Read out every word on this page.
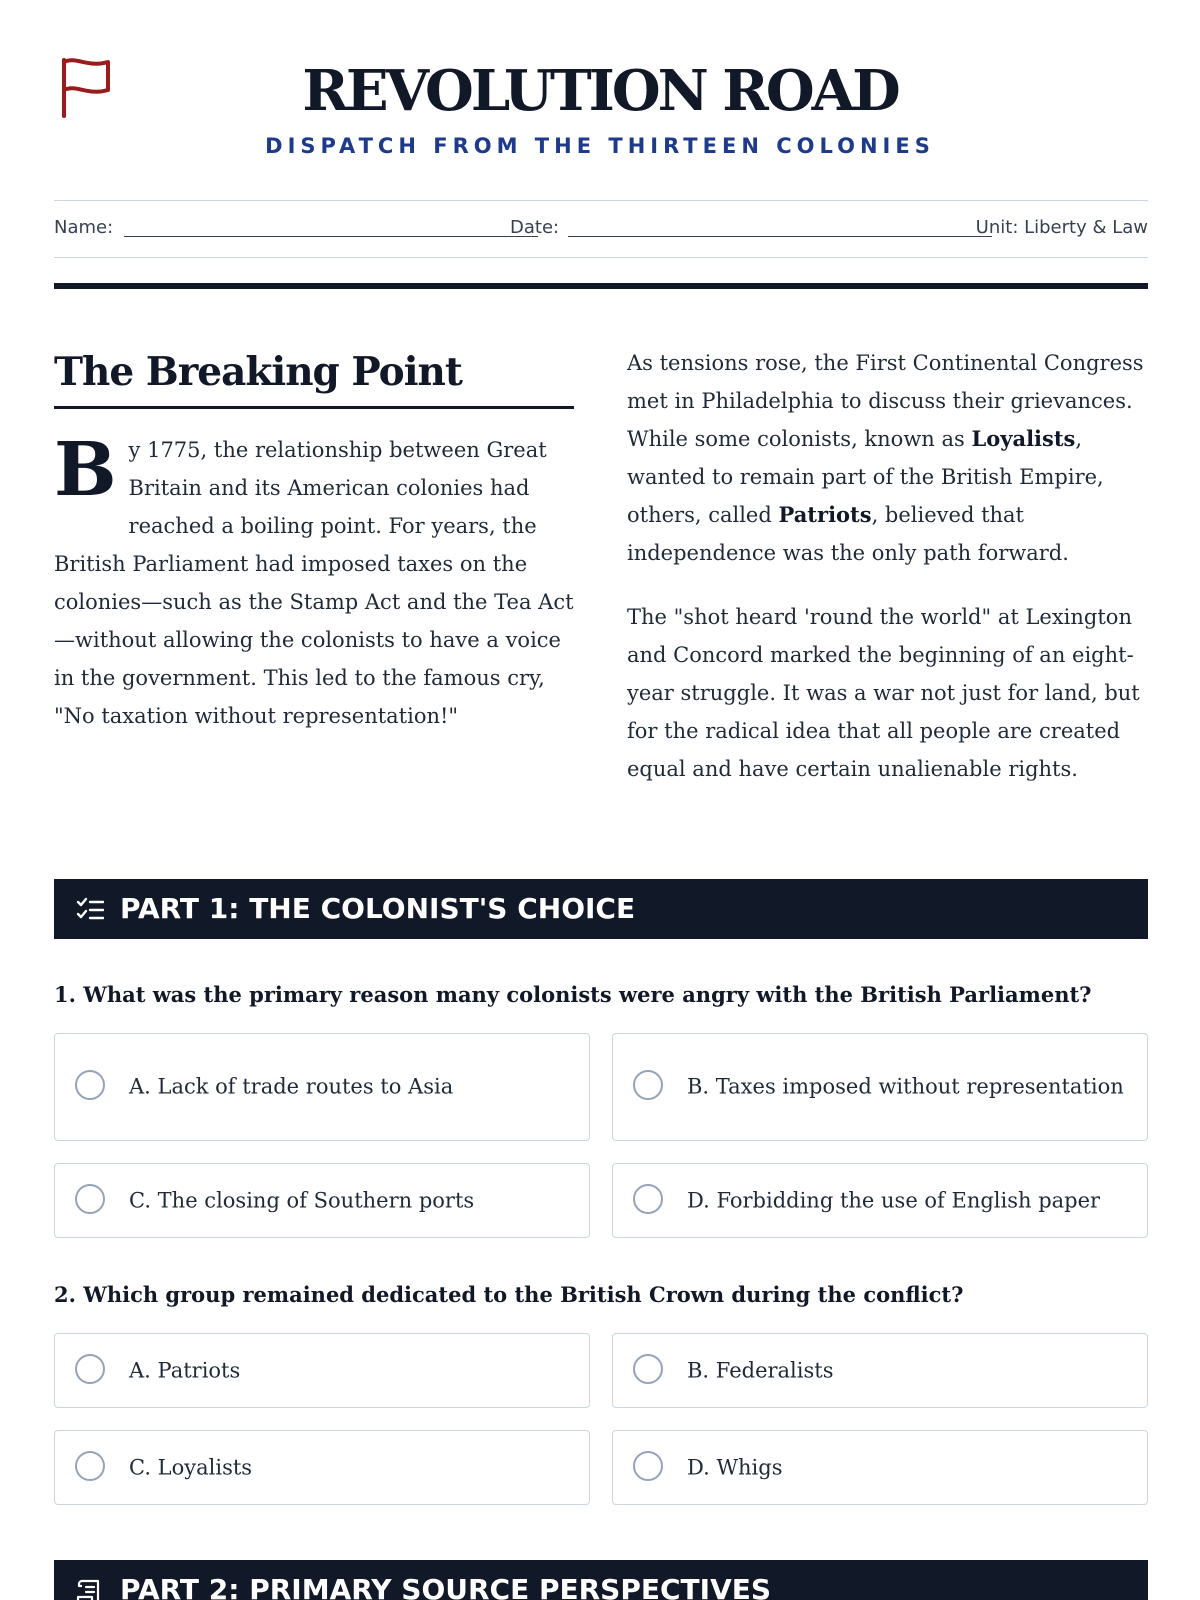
REVOLUTION ROAD
DISPATCH FROM THE THIRTEEN COLONIES
Name:	Date:	Unit: Liberty & Law
The Breaking Point

By 1775, the relationship between Great Britain and its American colonies had reached a boiling point. For years, the British Parliament had imposed taxes on the colonies—such as the Stamp Act and the Tea Act—without allowing the colonists to have a voice in the government. This led to the famous cry, "No taxation without representation!"

As tensions rose, the First Continental Congress met in Philadelphia to discuss their grievances. While some colonists, known as Loyalists, wanted to remain part of the British Empire, others, called Patriots, believed that independence was the only path forward.

The "shot heard 'round the world" at Lexington and Concord marked the beginning of an eight-year struggle. It was a war not just for land, but for the radical idea that all people are created equal and have certain unalienable rights.

PART 1: THE COLONIST'S CHOICE
1. What was the primary reason many colonists were angry with the British Parliament?
A. Lack of trade routes to Asia	B. Taxes imposed without representation
C. The closing of Southern ports	D. Forbidding the use of English paper
2. Which group remained dedicated to the British Crown during the conflict?
A. Patriots	B. Federalists
C. Loyalists	D. Whigs
PART 2: PRIMARY SOURCE PERSPECTIVES
